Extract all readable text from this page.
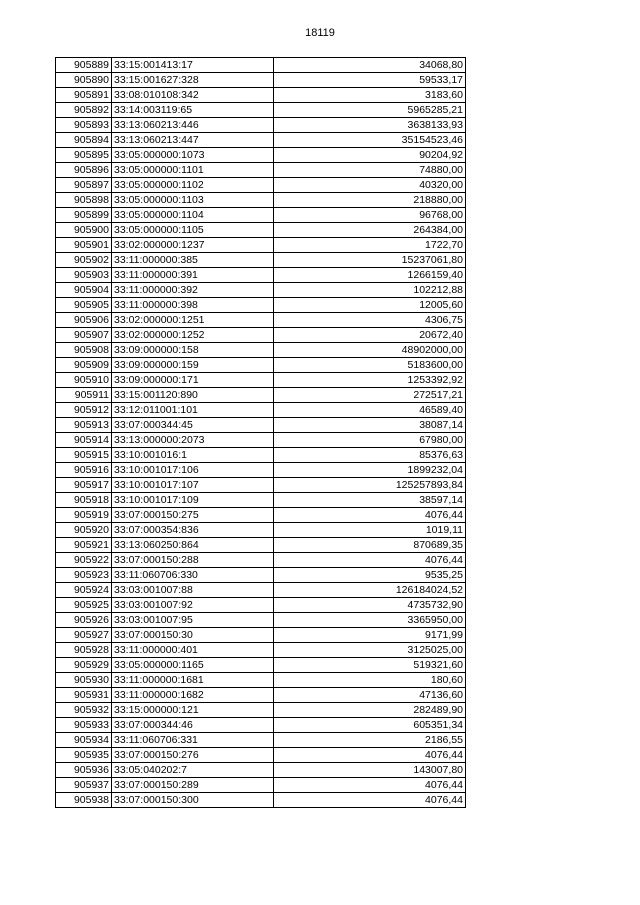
18119
905889	33:15:001413:17	34068,80
905890	33:15:001627:328	59533,17
905891	33:08:010108:342	3183,60
905892	33:14:003119:65	5965285,21
905893	33:13:060213:446	3638133,93
905894	33:13:060213:447	35154523,46
905895	33:05:000000:1073	90204,92
905896	33:05:000000:1101	74880,00
905897	33:05:000000:1102	40320,00
905898	33:05:000000:1103	218880,00
905899	33:05:000000:1104	96768,00
905900	33:05:000000:1105	264384,00
905901	33:02:000000:1237	1722,70
905902	33:11:000000:385	15237061,80
905903	33:11:000000:391	1266159,40
905904	33:11:000000:392	102212,88
905905	33:11:000000:398	12005,60
905906	33:02:000000:1251	4306,75
905907	33:02:000000:1252	20672,40
905908	33:09:000000:158	48902000,00
905909	33:09:000000:159	5183600,00
905910	33:09:000000:171	1253392,92
905911	33:15:001120:890	272517,21
905912	33:12:011001:101	46589,40
905913	33:07:000344:45	38087,14
905914	33:13:000000:2073	67980,00
905915	33:10:001016:1	85376,63
905916	33:10:001017:106	1899232,04
905917	33:10:001017:107	125257893,84
905918	33:10:001017:109	38597,14
905919	33:07:000150:275	4076,44
905920	33:07:000354:836	1019,11
905921	33:13:060250:864	870689,35
905922	33:07:000150:288	4076,44
905923	33:11:060706:330	9535,25
905924	33:03:001007:88	126184024,52
905925	33:03:001007:92	4735732,90
905926	33:03:001007:95	3365950,00
905927	33:07:000150:30	9171,99
905928	33:11:000000:401	3125025,00
905929	33:05:000000:1165	519321,60
905930	33:11:000000:1681	180,60
905931	33:11:000000:1682	47136,60
905932	33:15:000000:121	282489,90
905933	33:07:000344:46	605351,34
905934	33:11:060706:331	2186,55
905935	33:07:000150:276	4076,44
905936	33:05:040202:7	143007,80
905937	33:07:000150:289	4076,44
905938	33:07:000150:300	4076,44
